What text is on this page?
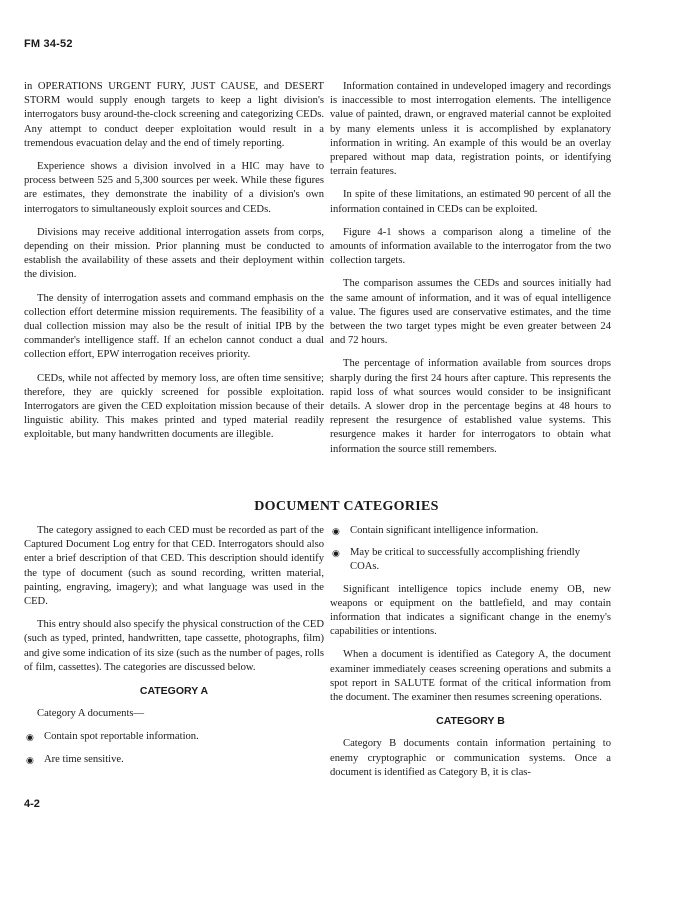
FM 34-52

in OPERATIONS URGENT FURY, JUST CAUSE, and DESERT STORM would supply enough targets to keep a light division's interrogators busy around-the-clock screening and categorizing CEDs. Any attempt to conduct deeper exploitation would result in a tremendous evacuation delay and the end of timely reporting.

Experience shows a division involved in a HIC may have to process between 525 and 5,300 sources per week. While these figures are estimates, they demonstrate the inability of a division's own interrogators to simultaneously exploit sources and CEDs.

Divisions may receive additional interrogation assets from corps, depending on their mission. Prior planning must be conducted to establish the availability of these assets and their deployment within the division.

The density of interrogation assets and command emphasis on the collection effort determine mission requirements. The feasibility of a dual collection mission may also be the result of initial IPB by the commander's intelligence staff. If an echelon cannot conduct a dual collection effort, EPW interrogation receives priority.

CEDs, while not affected by memory loss, are often time sensitive; therefore, they are quickly screened for possible exploitation. Interrogators are given the CED exploitation mission because of their linguistic ability. This makes printed and typed material readily exploitable, but many handwritten documents are illegible.

Information contained in undeveloped imagery and recordings is inaccessible to most interrogation elements. The intelligence value of painted, drawn, or engraved material cannot be exploited by many elements unless it is accomplished by explanatory information in writing. An example of this would be an overlay prepared without map data, registration points, or identifying terrain features.

In spite of these limitations, an estimated 90 percent of all the information contained in CEDs can be exploited.

Figure 4-1 shows a comparison along a timeline of the amounts of information available to the interrogator from the two collection targets.

The comparison assumes the CEDs and sources initially had the same amount of information, and it was of equal intelligence value. The figures used are conservative estimates, and the time between the two target types might be even greater between 24 and 72 hours.

The percentage of information available from sources drops sharply during the first 24 hours after capture. This represents the rapid loss of what sources would consider to be insignificant details. A slower drop in the percentage begins at 48 hours to represent the resurgence of established value systems. This resurgence makes it harder for interrogators to obtain what information the source still remembers.

DOCUMENT CATEGORIES

The category assigned to each CED must be recorded as part of the Captured Document Log entry for that CED. Interrogators should also enter a brief description of that CED. This description should identify the type of document (such as sound recording, written material, painting, engraving, imagery); and what language was used in the CED.

This entry should also specify the physical construction of the CED (such as typed, printed, handwritten, tape cassette, photographs, film) and give some indication of its size (such as the number of pages, rolls of film, cassettes). The categories are discussed below.

CATEGORY A

Category A documents—

◉ Contain spot reportable information.
◉ Are time sensitive.
◉ Contain significant intelligence information.
◉ May be critical to successfully accomplishing friendly COAs.

Significant intelligence topics include enemy OB, new weapons or equipment on the battlefield, and may contain information that indicates a significant change in the enemy's capabilities or intentions.

When a document is identified as Category A, the document examiner immediately ceases screening operations and submits a spot report in SALUTE format of the critical information from the document. The examiner then resumes screening operations.

CATEGORY B

Category B documents contain information pertaining to enemy cryptographic or communication systems. Once a document is identified as Category B, it is clas-

4-2
